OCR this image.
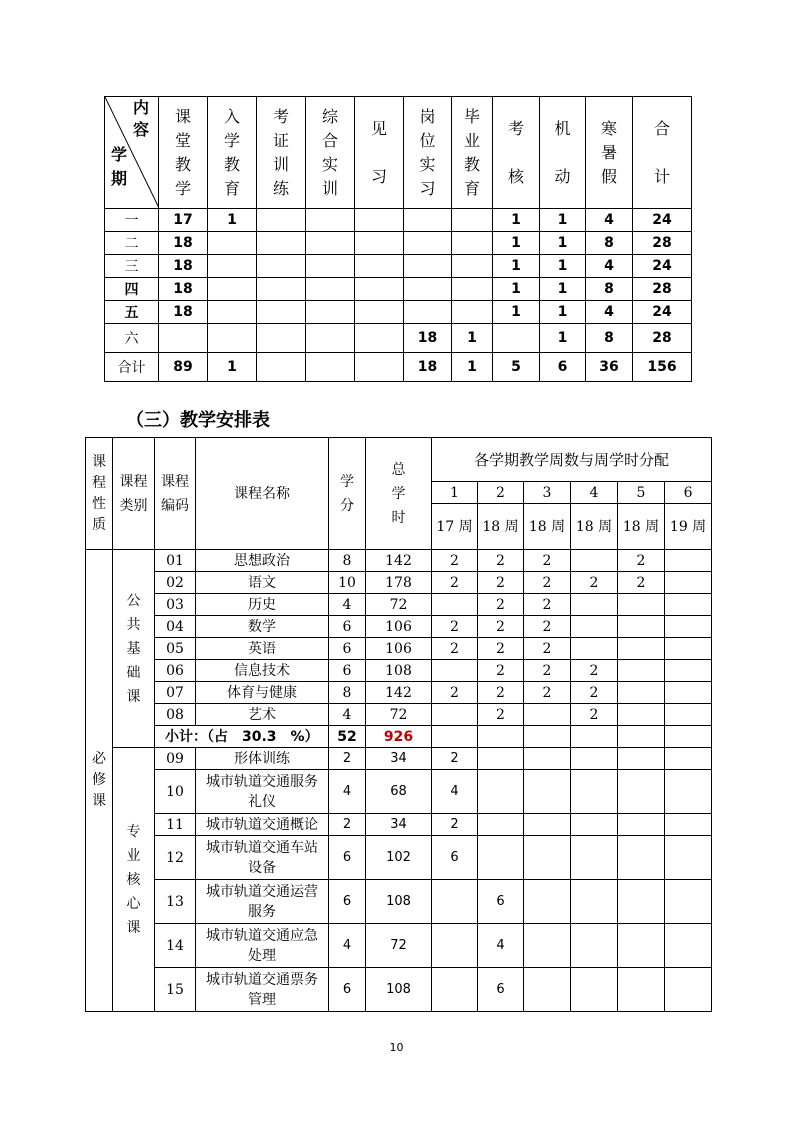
内容
学期	课堂教学	入学教育	考证训练	综合实训	见习	岗位实习	毕业教育	考核	机动	寒暑假	合计
一	17	1						1	1	4	24
二	18							1	1	8	28
三	18							1	1	4	24
四	18							1	1	8	28
五	18							1	1	4	24
六						18	1		1	8	28
合计	89	1				18	1	5	6	36	156
（三）教学安排表
课程性质	课程类别	课程编码	课程名称	学分	总学时	各学期教学周数与周学时分配					
						1	2	3	4	5	6
						17 周	18 周	18 周	18 周	18 周	19 周
必修课	公共基础课	01	思想政治	8	142	2	2	2		2	
		02	语文	10	178	2	2	2	2	2	
		03	历史	4	72		2	2			
		04	数学	6	106	2	2	2			
		05	英语	6	106	2	2	2			
		06	信息技术	6	108		2	2	2		
		07	体育与健康	8	142	2	2	2	2		
		08	艺术	4	72		2		2		
		小计：（占　30.3　%）		52	926						
	专业核心课	09	形体训练	2	34	2					
		10	城市轨道交通服务礼仪	4	68	4					
		11	城市轨道交通概论	2	34	2					
		12	城市轨道交通车站设备	6	102	6					
		13	城市轨道交通运营服务	6	108		6				
		14	城市轨道交通应急处理	4	72		4				
		15	城市轨道交通票务管理	6	108		6				
10
